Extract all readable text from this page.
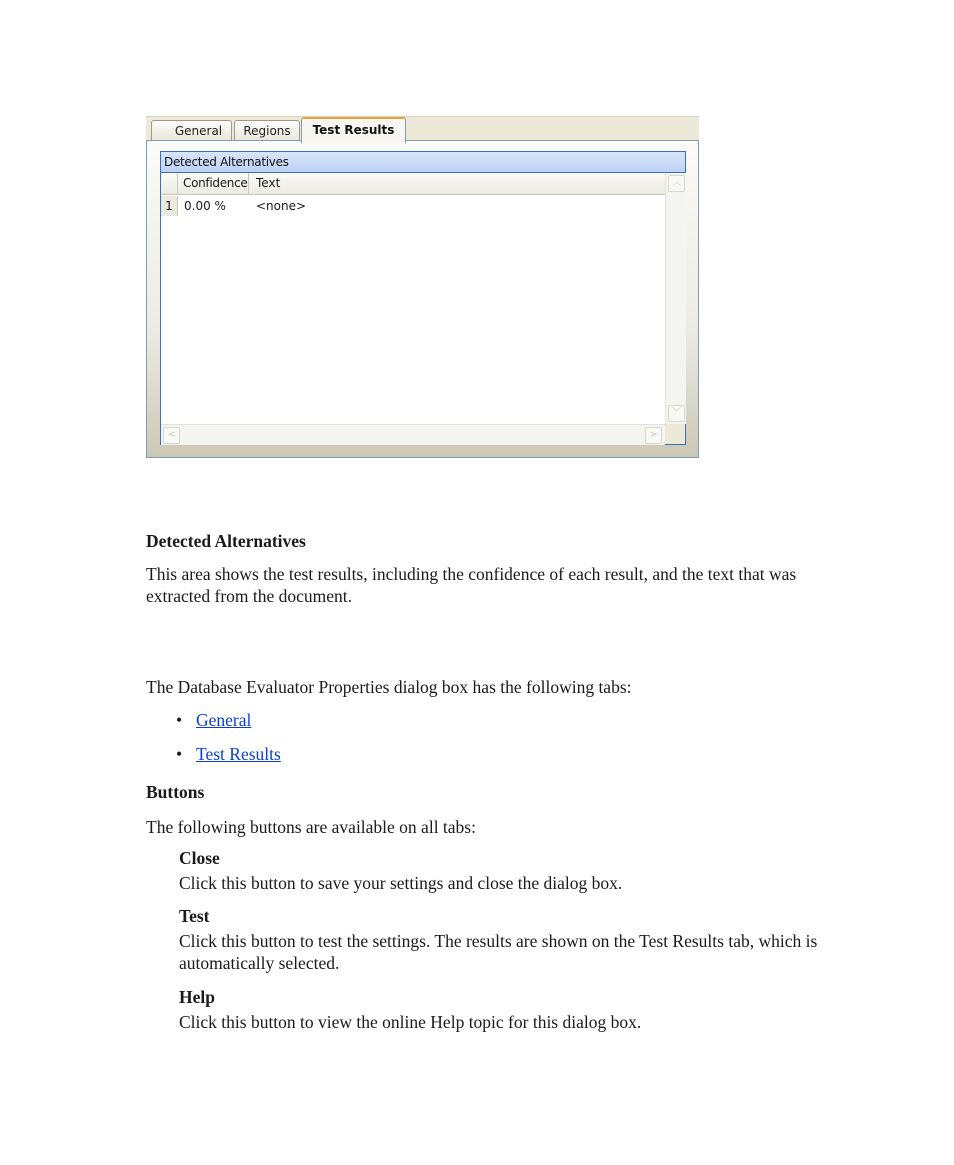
General	Regions	Test Results
Detected Alternatives
Confidence Text
1 0.00 %	<none>
︿
﹀
<	>

Detected Alternatives

This area shows the test results, including the confidence of each result, and the text that was extracted from the document.

The Database Evaluator Properties dialog box has the following tabs:

• General
• Test Results

Buttons

The following buttons are available on all tabs:

Close
Click this button to save your settings and close the dialog box.
Test
Click this button to test the settings. The results are shown on the Test Results tab, which is automatically selected.
Help
Click this button to view the online Help topic for this dialog box.
